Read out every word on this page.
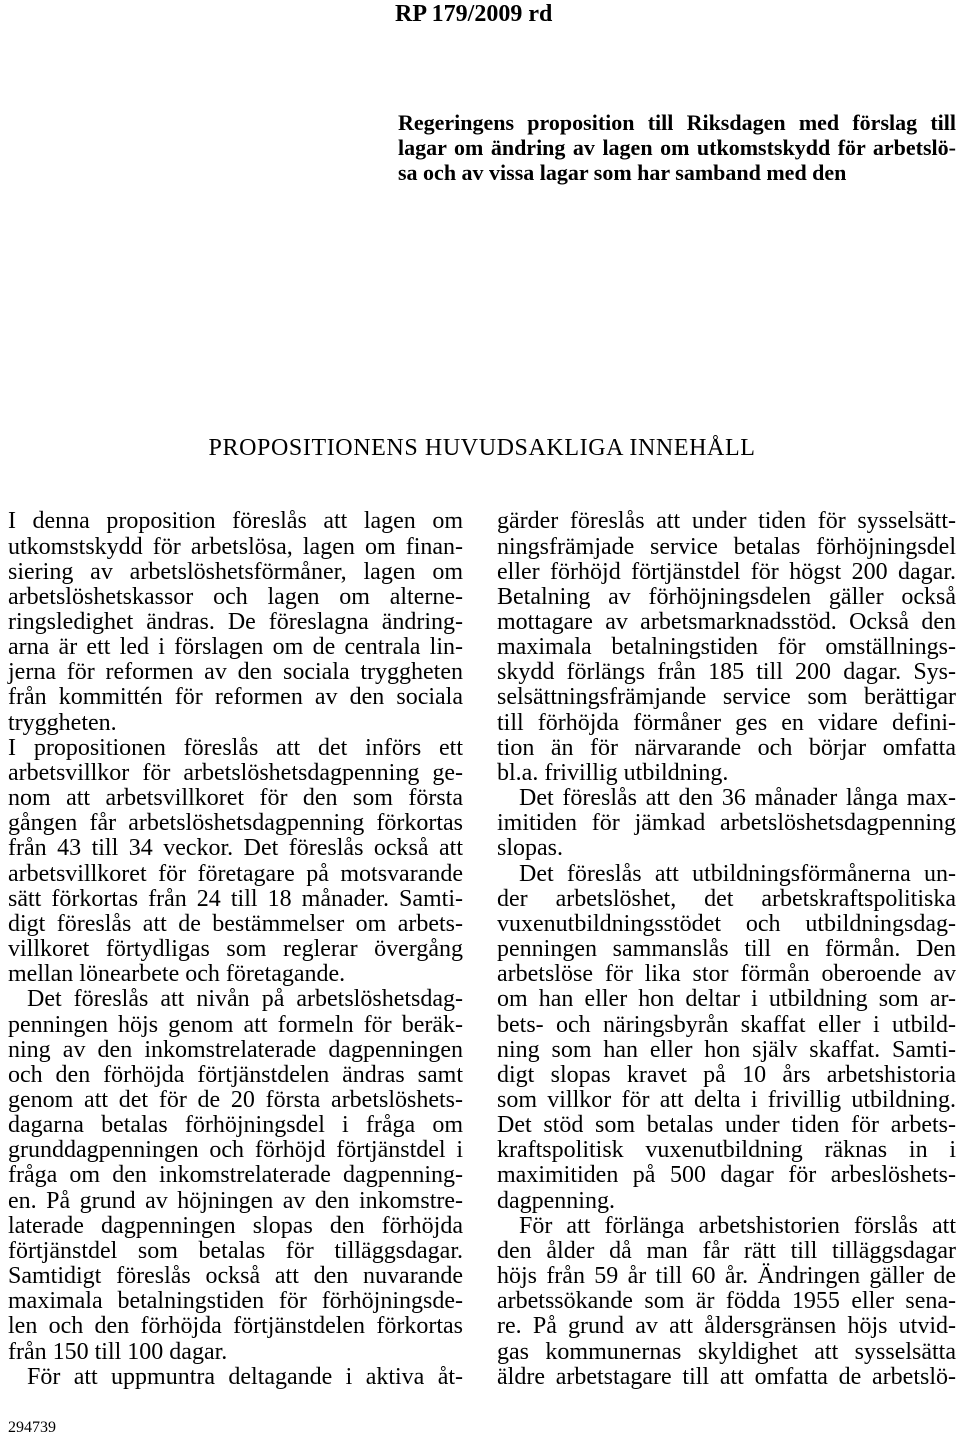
RP 179/2009 rd
Regeringens proposition till Riksdagen med förslag till
lagar om ändring av lagen om utkomstskydd för arbetslö-
sa och av vissa lagar som har samband med den
PROPOSITIONENS HUVUDSAKLIGA INNEHÅLL
I denna proposition föreslås att lagen om
utkomstskydd för arbetslösa, lagen om finan-
siering av arbetslöshetsförmåner, lagen om
arbetslöshetskassor och lagen om alterne-
ringsledighet ändras. De föreslagna ändring-
arna är ett led i förslagen om de centrala lin-
jerna för reformen av den sociala tryggheten
från kommittén för reformen av den sociala
tryggheten.
I propositionen föreslås att det införs ett
arbetsvillkor för arbetslöshetsdagpenning ge-
nom att arbetsvillkoret för den som första
gången får arbetslöshetsdagpenning förkortas
från 43 till 34 veckor. Det föreslås också att
arbetsvillkoret för företagare på motsvarande
sätt förkortas från 24 till 18 månader. Samti-
digt föreslås att de bestämmelser om arbets-
villkoret förtydligas som reglerar övergång
mellan lönearbete och företagande.
Det föreslås att nivån på arbetslöshetsdag-
penningen höjs genom att formeln för beräk-
ning av den inkomstrelaterade dagpenningen
och den förhöjda förtjänstdelen ändras samt
genom att det för de 20 första arbetslöshets-
dagarna betalas förhöjningsdel i fråga om
grunddagpenningen och förhöjd förtjänstdel i
fråga om den inkomstrelaterade dagpenning-
en. På grund av höjningen av den inkomstre-
laterade dagpenningen slopas den förhöjda
förtjänstdel som betalas för tilläggsdagar.
Samtidigt föreslås också att den nuvarande
maximala betalningstiden för förhöjningsde-
len och den förhöjda förtjänstdelen förkortas
från 150 till 100 dagar.
För att uppmuntra deltagande i aktiva åt-
gärder föreslås att under tiden för sysselsätt-
ningsfrämjade service betalas förhöjningsdel
eller förhöjd förtjänstdel för högst 200 dagar.
Betalning av förhöjningsdelen gäller också
mottagare av arbetsmarknadsstöd. Också den
maximala betalningstiden för omställnings-
skydd förlängs från 185 till 200 dagar. Sys-
selsättningsfrämjande service som berättigar
till förhöjda förmåner ges en vidare defini-
tion än för närvarande och börjar omfatta
bl.a. frivillig utbildning.
Det föreslås att den 36 månader långa max-
imitiden för jämkad arbetslöshetsdagpenning
slopas.
Det föreslås att utbildningsförmånerna un-
der arbetslöshet, det arbetskraftspolitiska
vuxenutbildningsstödet och utbildningsdag-
penningen sammanslås till en förmån. Den
arbetslöse för lika stor förmån oberoende av
om han eller hon deltar i utbildning som ar-
bets- och näringsbyrån skaffat eller i utbild-
ning som han eller hon själv skaffat. Samti-
digt slopas kravet på 10 års arbetshistoria
som villkor för att delta i frivillig utbildning.
Det stöd som betalas under tiden för arbets-
kraftspolitisk vuxenutbildning räknas in i
maximitiden på 500 dagar för arbeslöshets-
dagpenning.
För att förlänga arbetshistorien förslås att
den ålder då man får rätt till tilläggsdagar
höjs från 59 år till 60 år. Ändringen gäller de
arbetssökande som är födda 1955 eller sena-
re. På grund av att åldersgränsen höjs utvid-
gas kommunernas skyldighet att sysselsätta
äldre arbetstagare till att omfatta de arbetslö-
294739
